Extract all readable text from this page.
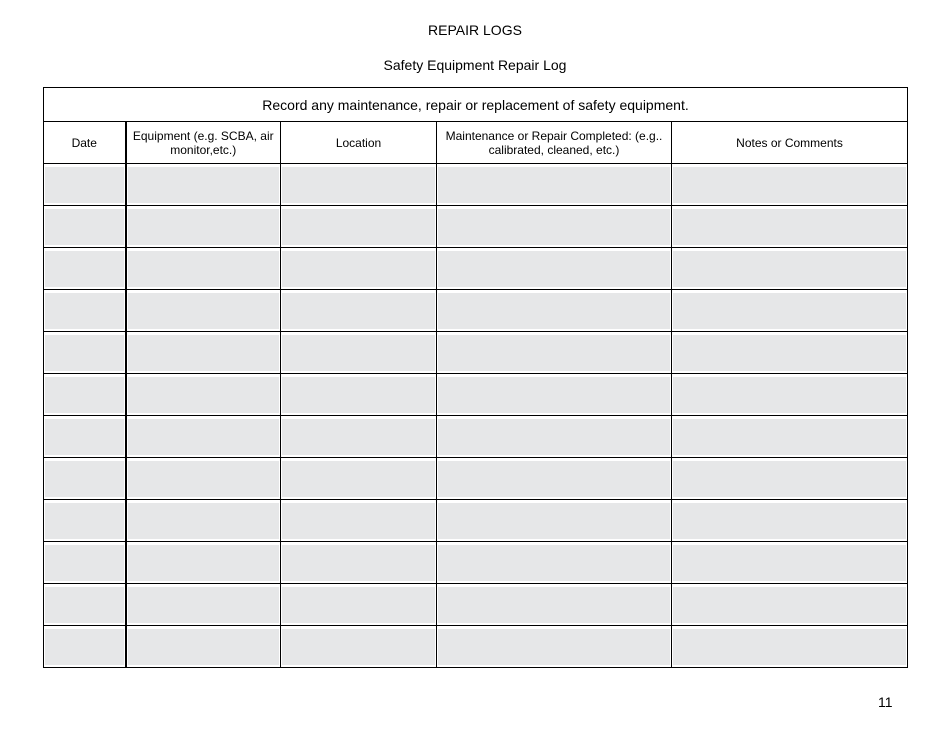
REPAIR LOGS
Safety Equipment Repair Log
Record any maintenance, repair or replacement of safety equipment.				
Date	Equipment (e.g. SCBA, air monitor,etc.)	Location	Maintenance or Repair Completed: (e.g.. calibrated, cleaned, etc.)	Notes or Comments

11
